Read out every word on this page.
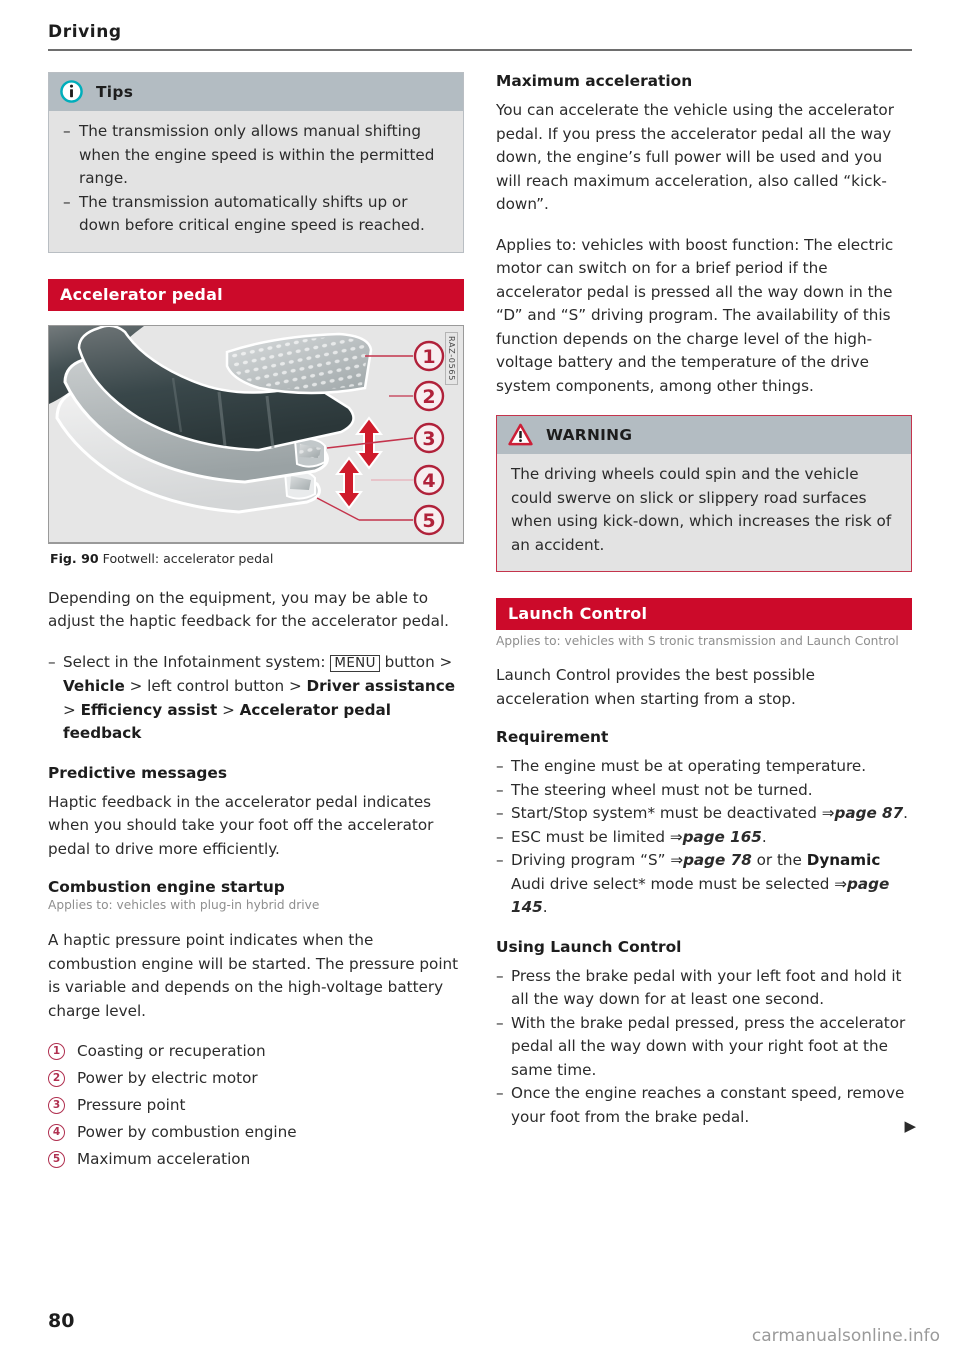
Driving
Tips
– The transmission only allows manual shifting when the engine speed is within the permitted range.
– The transmission automatically shifts up or down before critical engine speed is reached.
Accelerator pedal
1
2
3
4
5
RAZ-0565
Fig. 90 Footwell: accelerator pedal

Depending on the equipment, you may be able to adjust the haptic feedback for the accelerator pedal.

– Select in the Infotainment system: MENU button > Vehicle > left control button > Driver assistance > Efficiency assist > Accelerator pedal feedback
Predictive messages

Haptic feedback in the accelerator pedal indicates when you should take your foot off the accelerator pedal to drive more efficiently.

Combustion engine startup
Applies to: vehicles with plug-in hybrid drive

A haptic pressure point indicates when the combustion engine will be started. The pressure point is variable and depends on the high-voltage battery charge level.

1	Coasting or recuperation
2	Power by electric motor
3	Pressure point
4	Power by combustion engine
5	Maximum acceleration
Maximum acceleration

You can accelerate the vehicle using the accelerator pedal. If you press the accelerator pedal all the way down, the engine’s full power will be used and you will reach maximum acceleration, also called “kick-down”.

Applies to: vehicles with boost function: The electric motor can switch on for a brief period if the accelerator pedal is pressed all the way down in the “D” and “S” driving program. The availability of this function depends on the charge level of the high-voltage battery and the temperature of the drive system components, among other things.

WARNING

The driving wheels could spin and the vehicle could swerve on slick or slippery road surfaces when using kick-down, which increases the risk of an accident.

Launch Control
Applies to: vehicles with S tronic transmission and Launch Control

Launch Control provides the best possible acceleration when starting from a stop.

Requirement
– The engine must be at operating temperature.
– The steering wheel must not be turned.
– Start/Stop system* must be deactivated ⇒page 87.
– ESC must be limited ⇒page 165.
– Driving program “S” ⇒page 78 or the Dynamic Audi drive select* mode must be selected ⇒page 145.
Using Launch Control
– Press the brake pedal with your left foot and hold it all the way down for at least one second.
– With the brake pedal pressed, press the accelerator pedal all the way down with your right foot at the same time.
– Once the engine reaches a constant speed, remove your foot from the brake pedal.
▶
80
carmanualsonline.info
